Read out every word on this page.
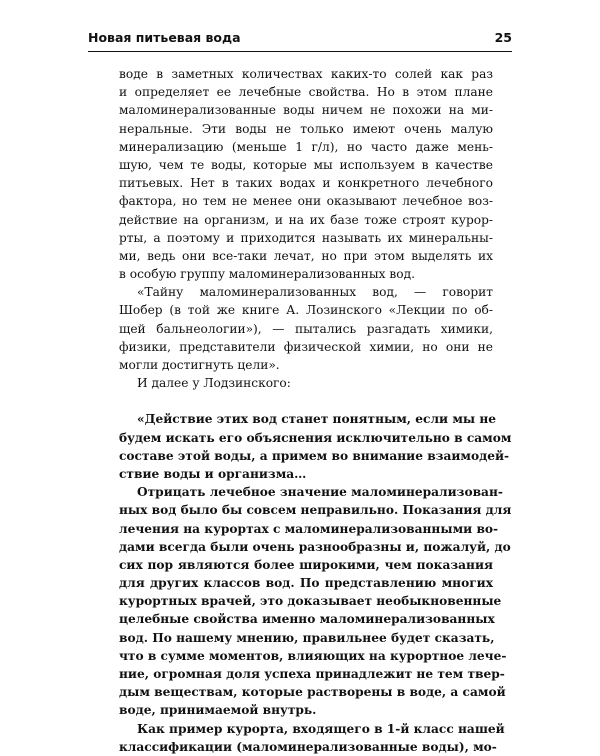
Новая питьевая вода	25
воде в заметных количествах каких-то солей как раз
и определяет ее лечебные свойства. Но в этом плане
маломинерализованные воды ничем не похожи на ми-
неральные. Эти воды не только имеют очень малую
минерализацию (меньше 1 г/л), но часто даже мень-
шую, чем те воды, которые мы используем в качестве
питьевых. Нет в таких водах и конкретного лечебного
фактора, но тем не менее они оказывают лечебное воз-
действие на организм, и на их базе тоже строят курор-
рты, а поэтому и приходится называть их минеральны-
ми, ведь они все-таки лечат, но при этом выделять их
в особую группу маломинерализованных вод.
«Тайну маломинерализованных вод, — говорит
Шобер (в той же книге А. Лозинского «Лекции по об-
щей бальнеологии»), — пытались разгадать химики,
физики, представители физической химии, но они не
могли достигнуть цели».
И далее у Лодзинского:
«Действие этих вод станет понятным, если мы не
будем искать его объяснения исключительно в самом
составе этой воды, а примем во внимание взаимодей-
ствие воды и организма…
Отрицать лечебное значение маломинерализован-
ных вод было бы совсем неправильно. Показания для
лечения на курортах с маломинерализованными во-
дами всегда были очень разнообразны и, пожалуй, до
сих пор являются более широкими, чем показания
для других классов вод. По представлению многих
курортных врачей, это доказывает необыкновенные
целебные свойства именно маломинерализованных
вод. По нашему мнению, правильнее будет сказать,
что в сумме моментов, влияющих на курортное лече-
ние, огромная доля успеха принадлежит не тем твер-
дым веществам, которые растворены в воде, а самой
воде, принимаемой внутрь.
Как пример курорта, входящего в 1-й класс нашей
классификации (маломинерализованные воды), мо-
